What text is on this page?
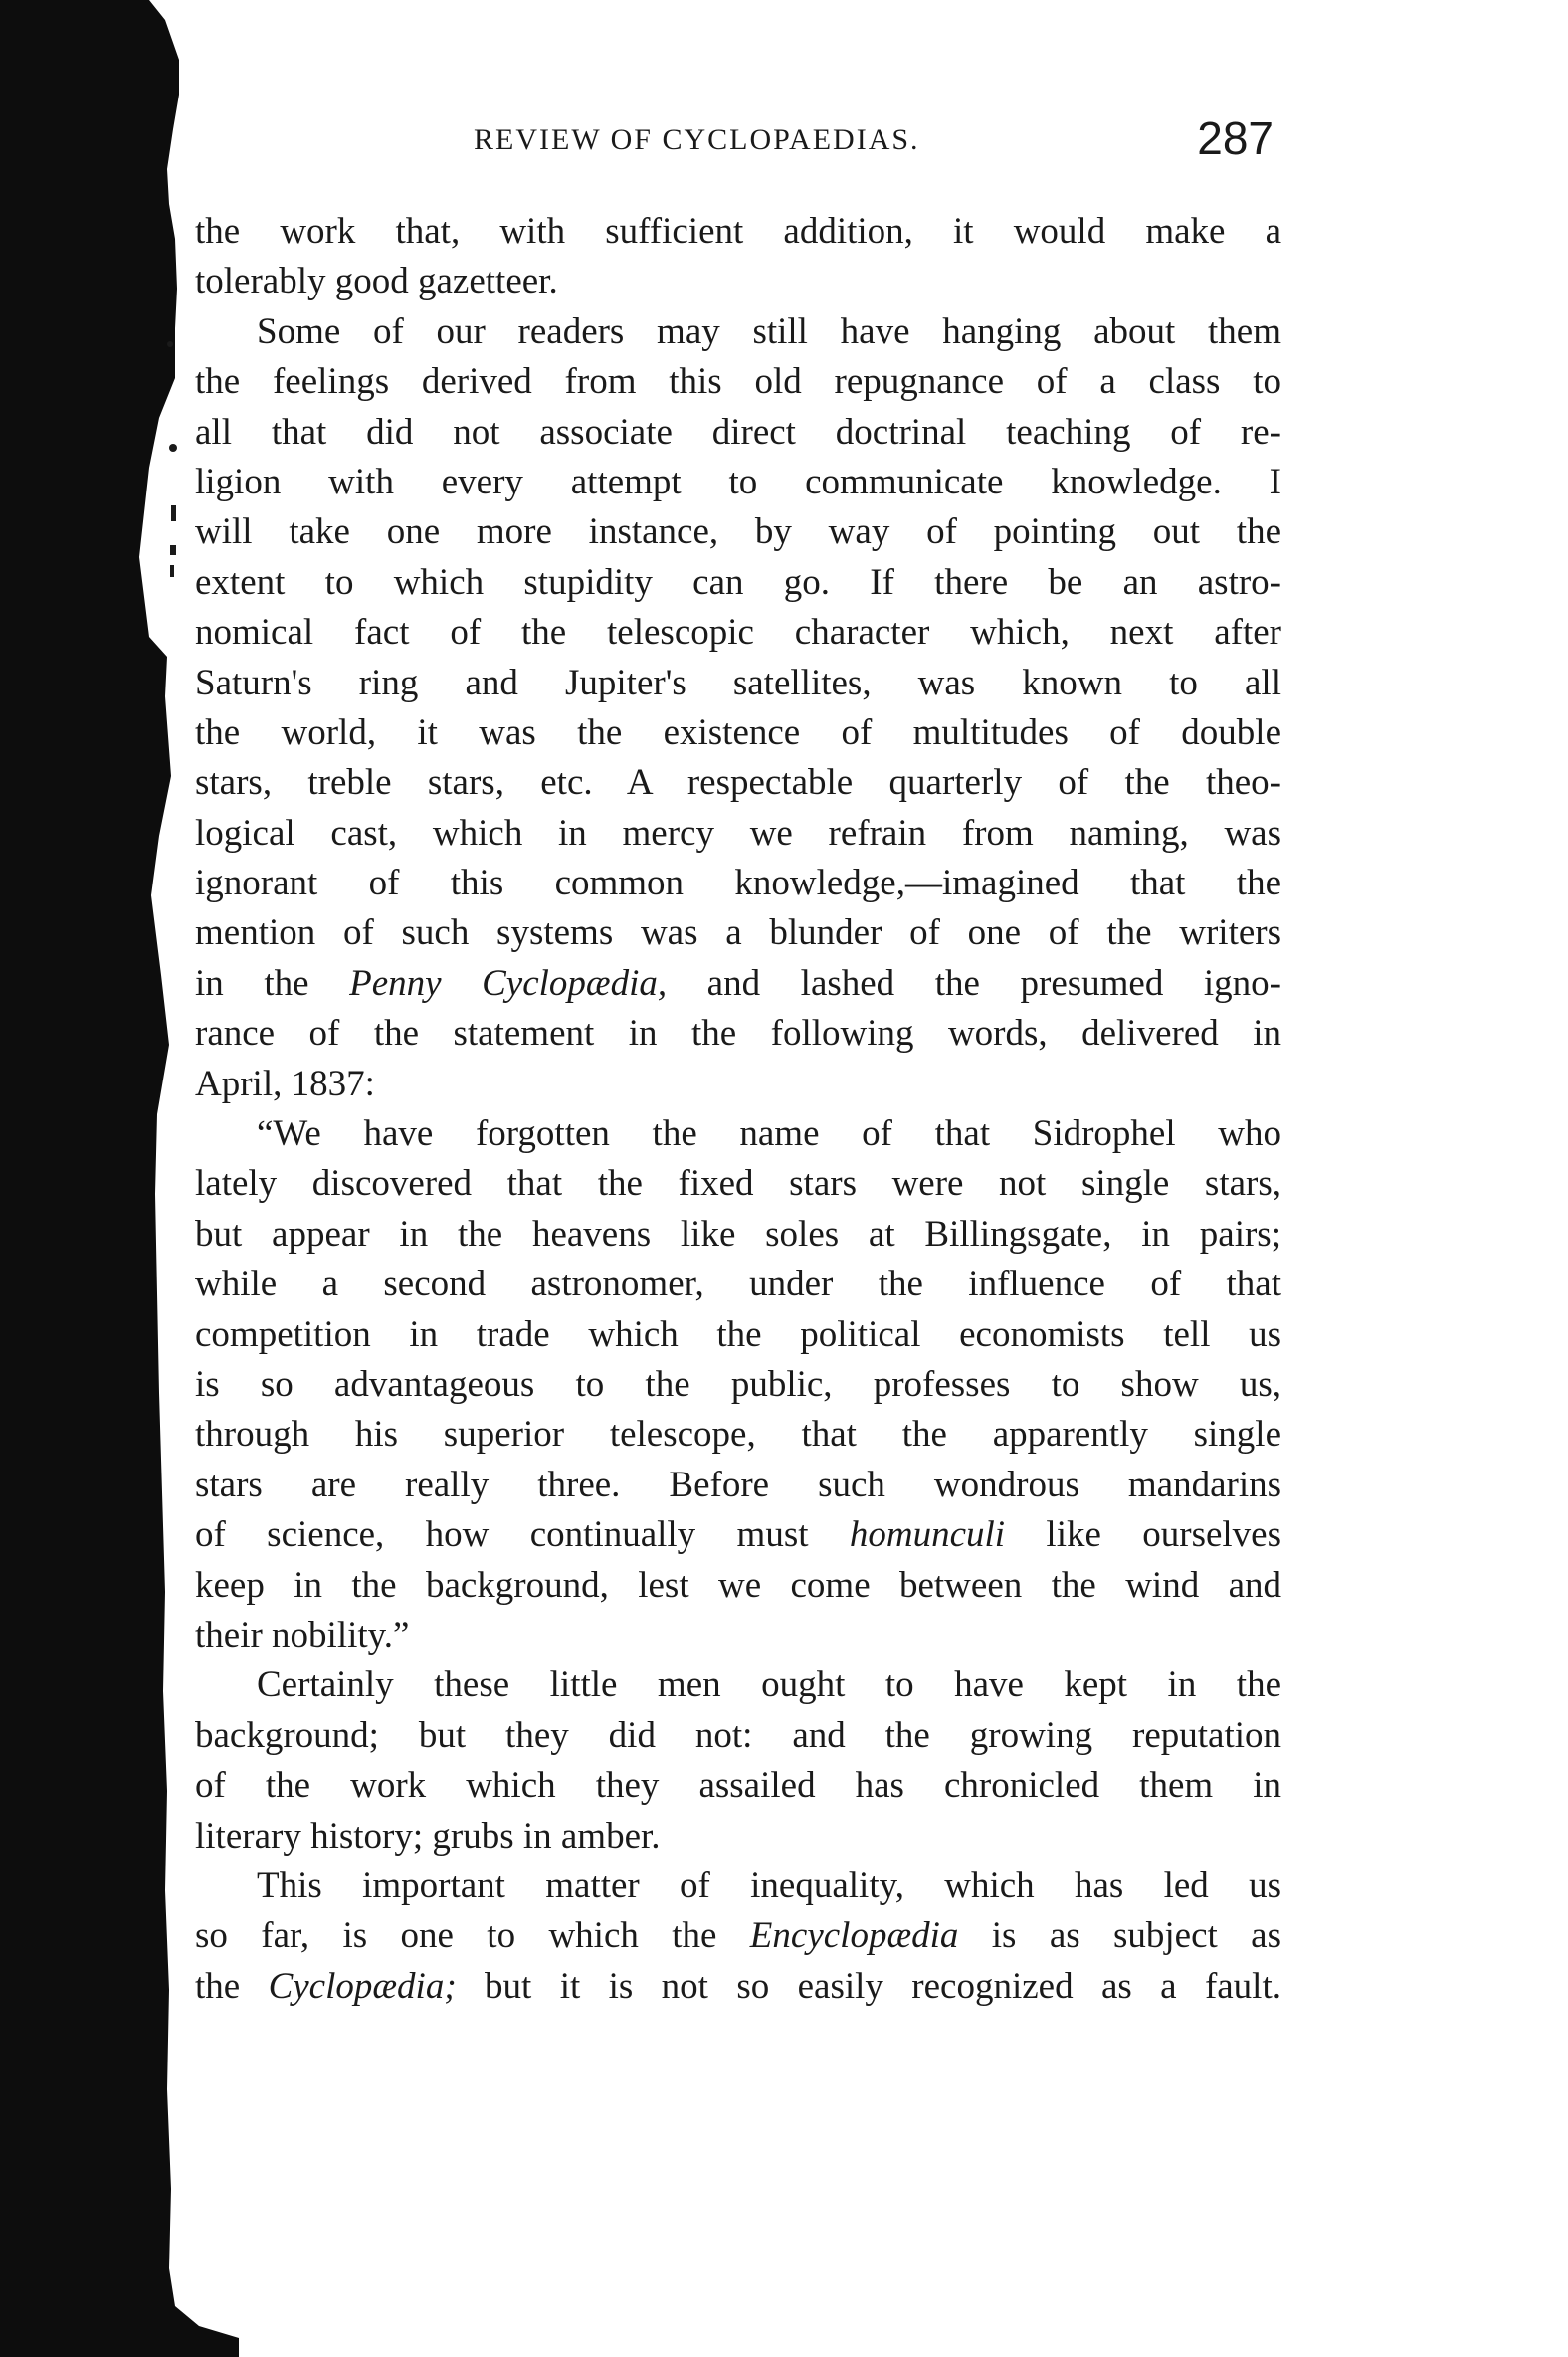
REVIEW OF CYCLOPAEDIAS.	287
the work that, with sufficient addition, it would make a
tolerably good gazetteer.
Some of our readers may still have hanging about them
the feelings derived from this old repugnance of a class to
all that did not associate direct doctrinal teaching of re-
ligion with every attempt to communicate knowledge. I
will take one more instance, by way of pointing out the
extent to which stupidity can go. If there be an astro-
nomical fact of the telescopic character which, next after
Saturn's ring and Jupiter's satellites, was known to all
the world, it was the existence of multitudes of double
stars, treble stars, etc. A respectable quarterly of the theo-
logical cast, which in mercy we refrain from naming, was
ignorant of this common knowledge,—imagined that the
mention of such systems was a blunder of one of the writers
in the Penny Cyclopædia, and lashed the presumed igno-
rance of the statement in the following words, delivered in
April, 1837:
“We have forgotten the name of that Sidrophel who
lately discovered that the fixed stars were not single stars,
but appear in the heavens like soles at Billingsgate, in pairs;
while a second astronomer, under the influence of that
competition in trade which the political economists tell us
is so advantageous to the public, professes to show us,
through his superior telescope, that the apparently single
stars are really three. Before such wondrous mandarins
of science, how continually must homunculi like ourselves
keep in the background, lest we come between the wind and
their nobility.”
Certainly these little men ought to have kept in the
background; but they did not: and the growing reputation
of the work which they assailed has chronicled them in
literary history; grubs in amber.
This important matter of inequality, which has led us
so far, is one to which the Encyclopædia is as subject as
the Cyclopædia; but it is not so easily recognized as a fault.
